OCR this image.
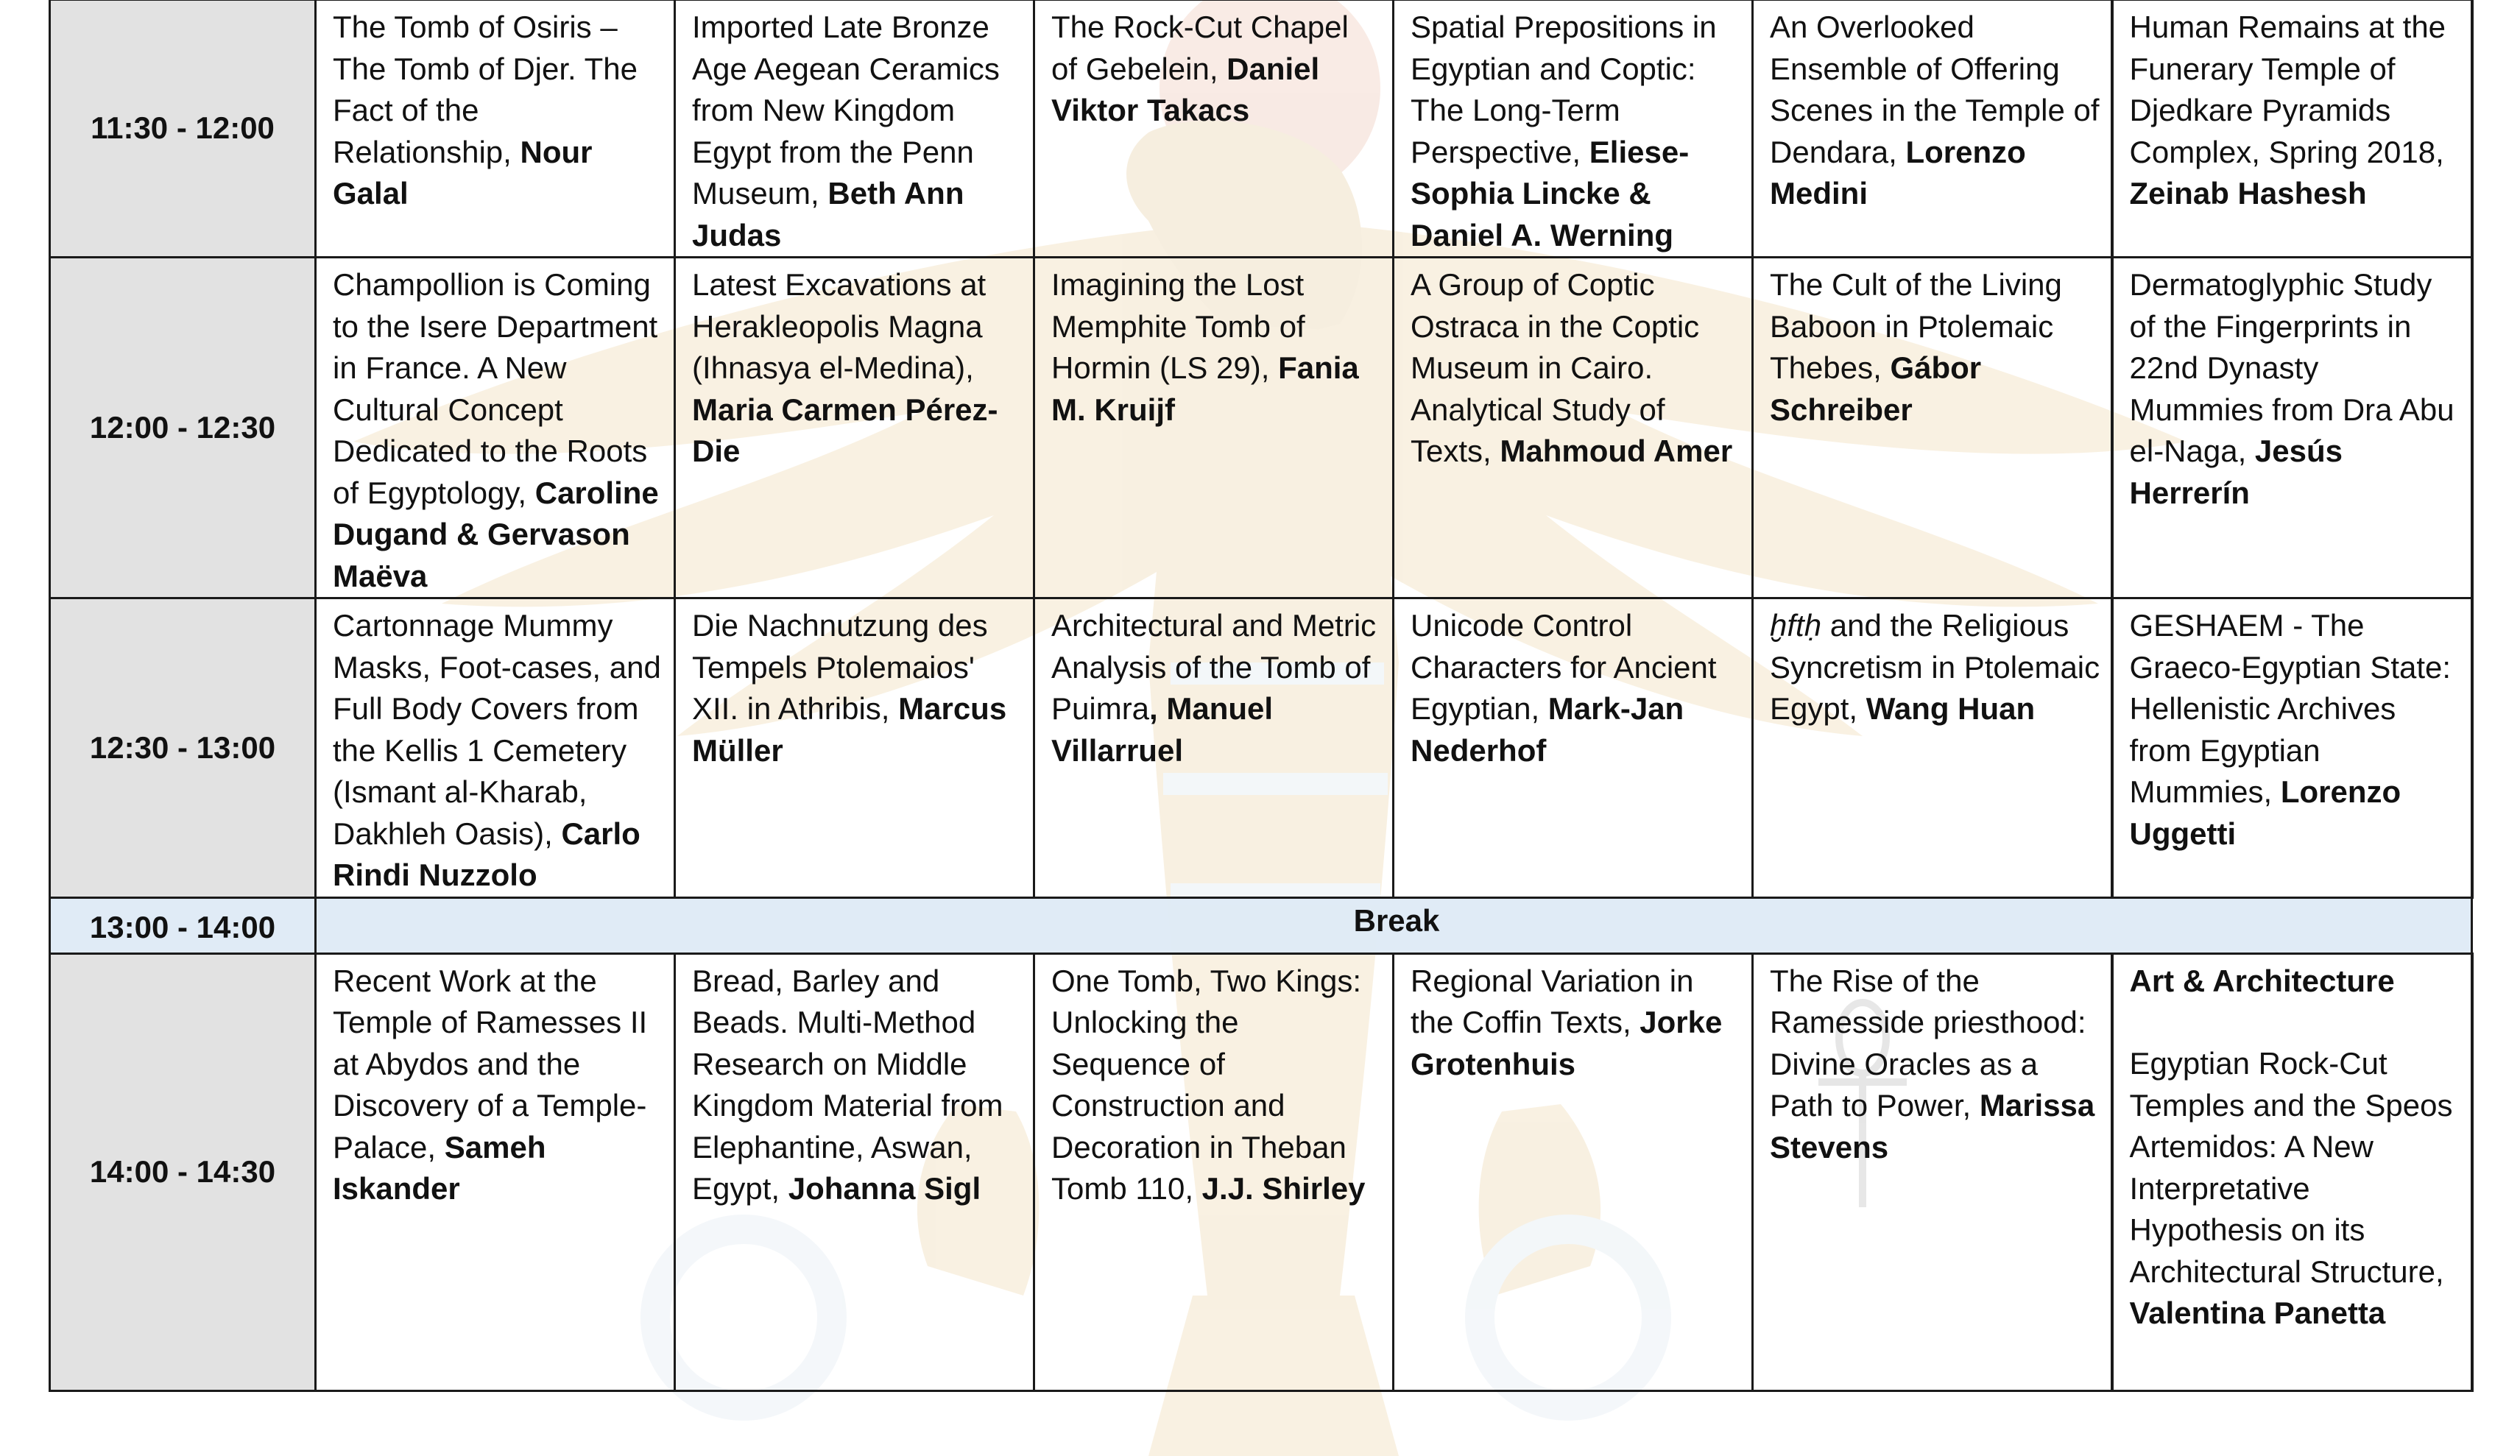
11:30 - 12:00	The Tomb of Osiris – The Tomb of Djer. The Fact of the Relationship, Nour Galal	Imported Late Bronze Age Aegean Ceramics from New Kingdom Egypt from the Penn Museum, Beth Ann Judas	The Rock-Cut Chapel of Gebelein, Daniel Viktor Takacs	Spatial Prepositions in Egyptian and Coptic: The Long-Term Perspective, Eliese-Sophia Lincke & Daniel A. Werning	An Overlooked Ensemble of Offering Scenes in the Temple of Dendara, Lorenzo Medini	Human Remains at the Funerary Temple of Djedkare Pyramids Complex, Spring 2018, Zeinab Hashesh
12:00 - 12:30	Champollion is Coming to the Isere Department in France. A New Cultural Concept Dedicated to the Roots of Egyptology, Caroline Dugand & Gervason Maëva	Latest Excavations at Herakleopolis Magna (Ihnasya el-Medina), Maria Carmen Pérez-Die	Imagining the Lost Memphite Tomb of Hormin (LS 29), Fania M. Kruijf	A Group of Coptic Ostraca in the Coptic Museum in Cairo. Analytical Study of Texts, Mahmoud Amer	The Cult of the Living Baboon in Ptolemaic Thebes, Gábor Schreiber	Dermatoglyphic Study of the Fingerprints in 22nd Dynasty Mummies from Dra Abu el-Naga, Jesús Herrerín
12:30 - 13:00	Cartonnage Mummy Masks, Foot-cases, and Full Body Covers from the Kellis 1 Cemetery (Ismant al-Kharab, Dakhleh Oasis), Carlo Rindi Nuzzolo	Die Nachnutzung des Tempels Ptolemaios' XII. in Athribis, Marcus Müller	Architectural and Metric Analysis of the Tomb of Puimra, Manuel Villarruel	Unicode Control Characters for Ancient Egyptian, Mark-Jan Nederhof	ḫftḥ and the Religious Syncretism in Ptolemaic Egypt, Wang Huan	GESHAEM - The Graeco-Egyptian State: Hellenistic Archives from Egyptian Mummies, Lorenzo Uggetti
13:00 - 14:00	Break					
14:00 - 14:30	Recent Work at the Temple of Ramesses II at Abydos and the Discovery of a Temple-Palace, Sameh Iskander	Bread, Barley and Beads. Multi-Method Research on Middle Kingdom Material from Elephantine, Aswan, Egypt, Johanna Sigl	One Tomb, Two Kings: Unlocking the Sequence of Construction and Decoration in Theban Tomb 110, J.J. Shirley	Regional Variation in the Coffin Texts, Jorke Grotenhuis	The Rise of the Ramesside priesthood: Divine Oracles as a Path to Power, Marissa Stevens	Art & Architecture
Egyptian Rock-Cut Temples and the Speos Artemidos: A New Interpretative Hypothesis on its Architectural Structure, Valentina Panetta
